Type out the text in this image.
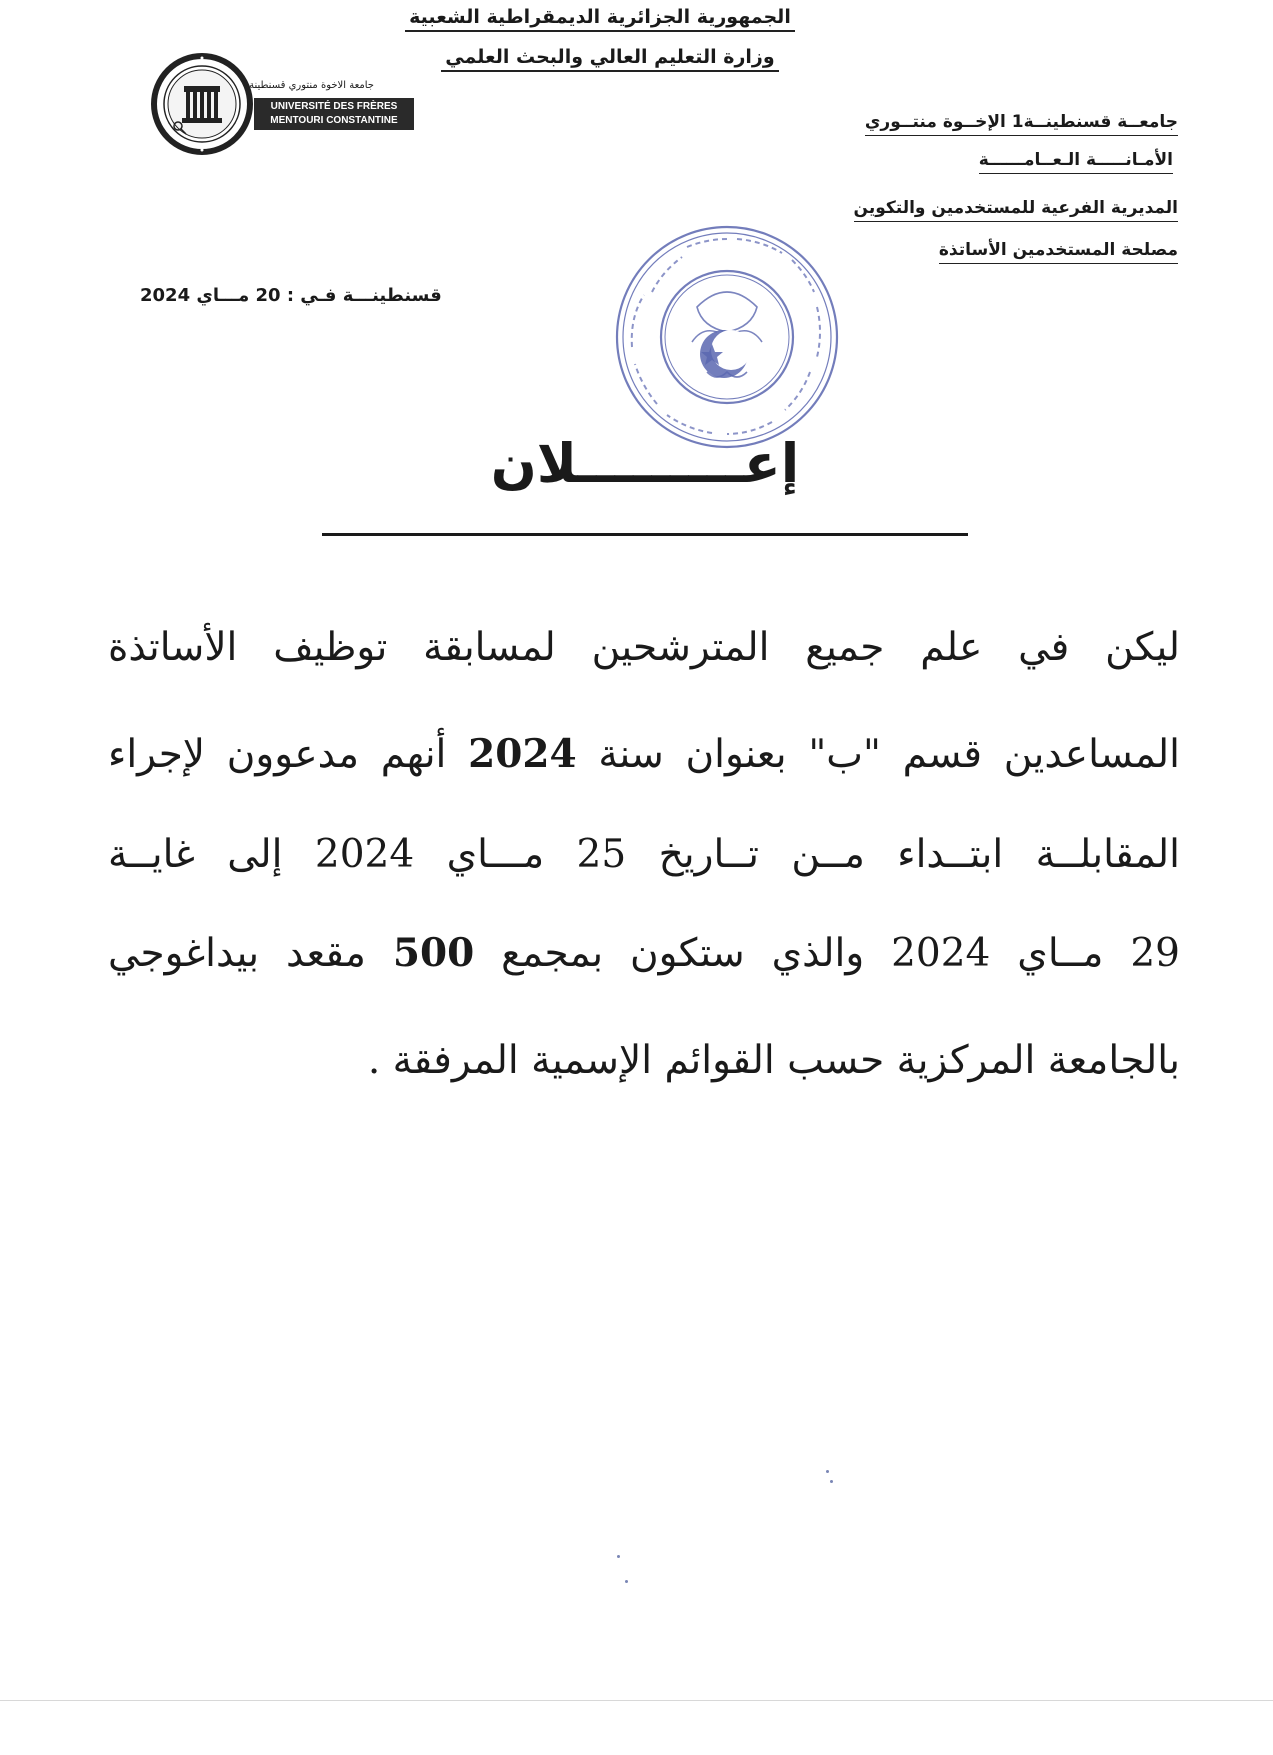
الجمهورية الجزائرية الديمقراطية الشعبية
وزارة التعليم العالي والبحث العلمي
جامعة الاخوة منتوري قسنطينة
UNIVERSITÉ DES FRÈRES
MENTOURI CONSTANTINE	جامعــة قسنطينــة1 الإخــوة منتــوري
الأمـانـــــة الـعــامــــــة
المديرية الفرعية للمستخدمين والتكوين
مصلحة المستخدمين الأساتذة
قسنطينـــة فـي : 20 مـــاي 2024
إعـــــــــلان
ليكن في علم جميع المترشحين لمسابقة توظيف الأساتذة
المساعدين قسم "ب" بعنوان سنة 2024 أنهم مدعوون لإجراء
المقابلــة ابتــداء مــن تــاريخ 25 مـــاي 2024 إلى غايــة
29 مــاي 2024 والذي ستكون بمجمع 500 مقعد بيداغوجي
بالجامعة المركزية حسب القوائم الإسمية المرفقة .
